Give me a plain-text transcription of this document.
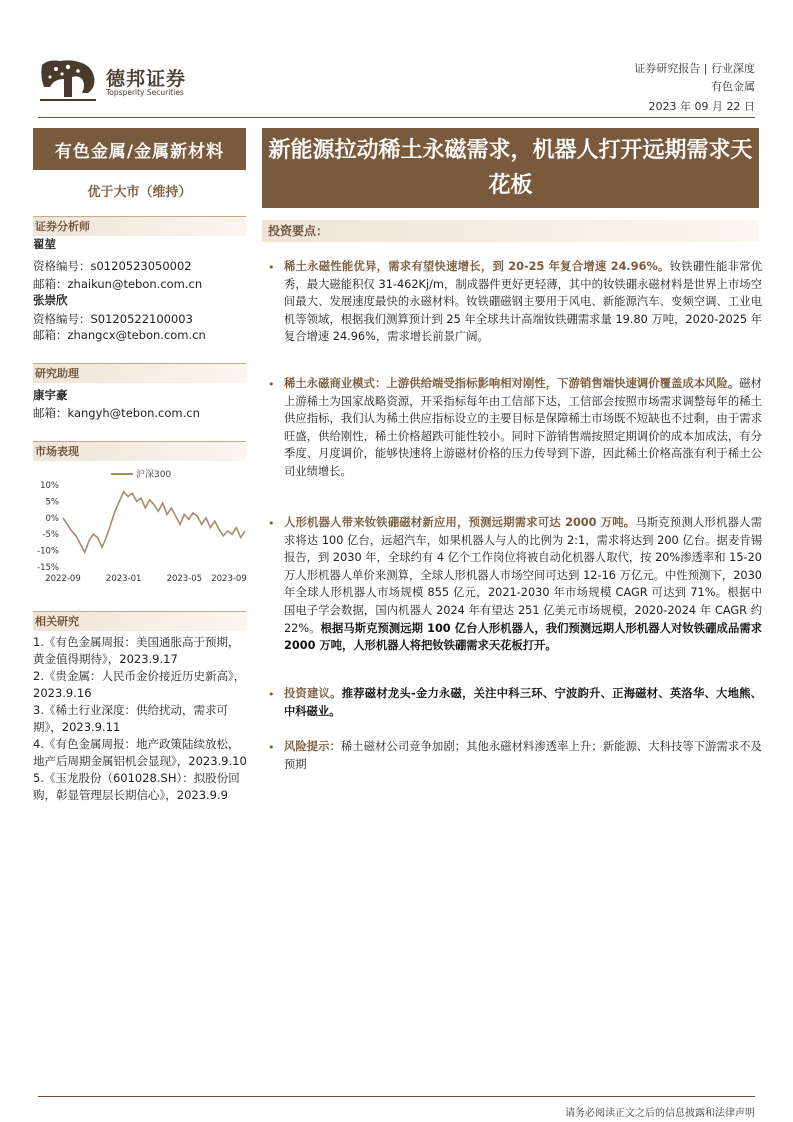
德邦证券
Topsperity Securities
证券研究报告 | 行业深度
有色金属
2023 年 09 月 22 日
有色金属/金属新材料
优于大市（维持）
证券分析师
翟堃
资格编号：s0120523050002
邮箱：zhaikun@tebon.com.cn
张崇欣
资格编号：S0120522100003
邮箱：zhangcx@tebon.com.cn
研究助理
康宇豪
邮箱：kangyh@tebon.com.cn
市场表现
沪深300
10%
5%
0%
-5%
-10%
-15%
2022-09	2023-01	2023-05 2023-09
相关研究
1.《有色金属周报：美国通胀高于预期，黄金值得期待》，2023.9.17
2.《贵金属：人民币金价接近历史新高》，2023.9.16
3.《稀土行业深度：供给扰动，需求可期》，2023.9.11
4.《有色金属周报：地产政策陆续放松，地产后周期金属铝机会显现》，2023.9.10
5.《玉龙股份（601028.SH）：拟股份回购，彰显管理层长期信心》，2023.9.9
新能源拉动稀土永磁需求，机器人打开远期需求天花板
投资要点：
• 稀土永磁性能优异，需求有望快速增长，到 20-25 年复合增速 24.96%。钕铁硼性能非常优秀，最大磁能积仅 31-462Kj/m，制成器件更好更轻薄，其中的钕铁硼永磁材料是世界上市场空间最大、发展速度最快的永磁材料。钕铁硼磁钢主要用于风电、新能源汽车、变频空调、工业电机等领域，根据我们测算预计到 25 年全球共计高端钕铁硼需求量 19.80 万吨，2020-2025 年复合增速 24.96%，需求增长前景广阔。
• 稀土永磁商业模式：上游供给端受指标影响相对刚性，下游销售端快速调价覆盖成本风险。磁材上游稀土为国家战略资源，开采指标每年由工信部下达，工信部会按照市场需求调整每年的稀土供应指标，我们认为稀土供应指标设立的主要目标是保障稀土市场既不短缺也不过剩，由于需求旺盛，供给刚性，稀土价格超跌可能性较小。同时下游销售端按照定期调价的成本加成法，有分季度、月度调价，能够快速将上游磁材价格的压力传导到下游，因此稀土价格高涨有利于稀土公司业绩增长。
• 人形机器人带来钕铁硼磁材新应用，预测远期需求可达 2000 万吨。马斯克预测人形机器人需求将达 100 亿台，远超汽车，如果机器人与人的比例为 2:1，需求将达到 200 亿台。据麦肯锡报告，到 2030 年，全球约有 4 亿个工作岗位将被自动化机器人取代，按 20%渗透率和 15-20 万人形机器人单价来测算，全球人形机器人市场空间可达到 12-16 万亿元。中性预测下，2030 年全球人形机器人市场规模 855 亿元，2021-2030 年市场规模 CAGR 可达到 71%。根据中国电子学会数据，国内机器人 2024 年有望达 251 亿美元市场规模，2020-2024 年 CAGR 约 22%。根据马斯克预测远期 100 亿台人形机器人，我们预测远期人形机器人对钕铁硼成品需求 2000 万吨，人形机器人将把钕铁硼需求天花板打开。
• 投资建议。推荐磁材龙头-金力永磁，关注中科三环、宁波韵升、正海磁材、英洛华、大地熊、中科磁业。
• 风险提示：稀土磁材公司竞争加剧；其他永磁材料渗透率上升；新能源、大科技等下游需求不及预期
请务必阅读正文之后的信息披露和法律声明
